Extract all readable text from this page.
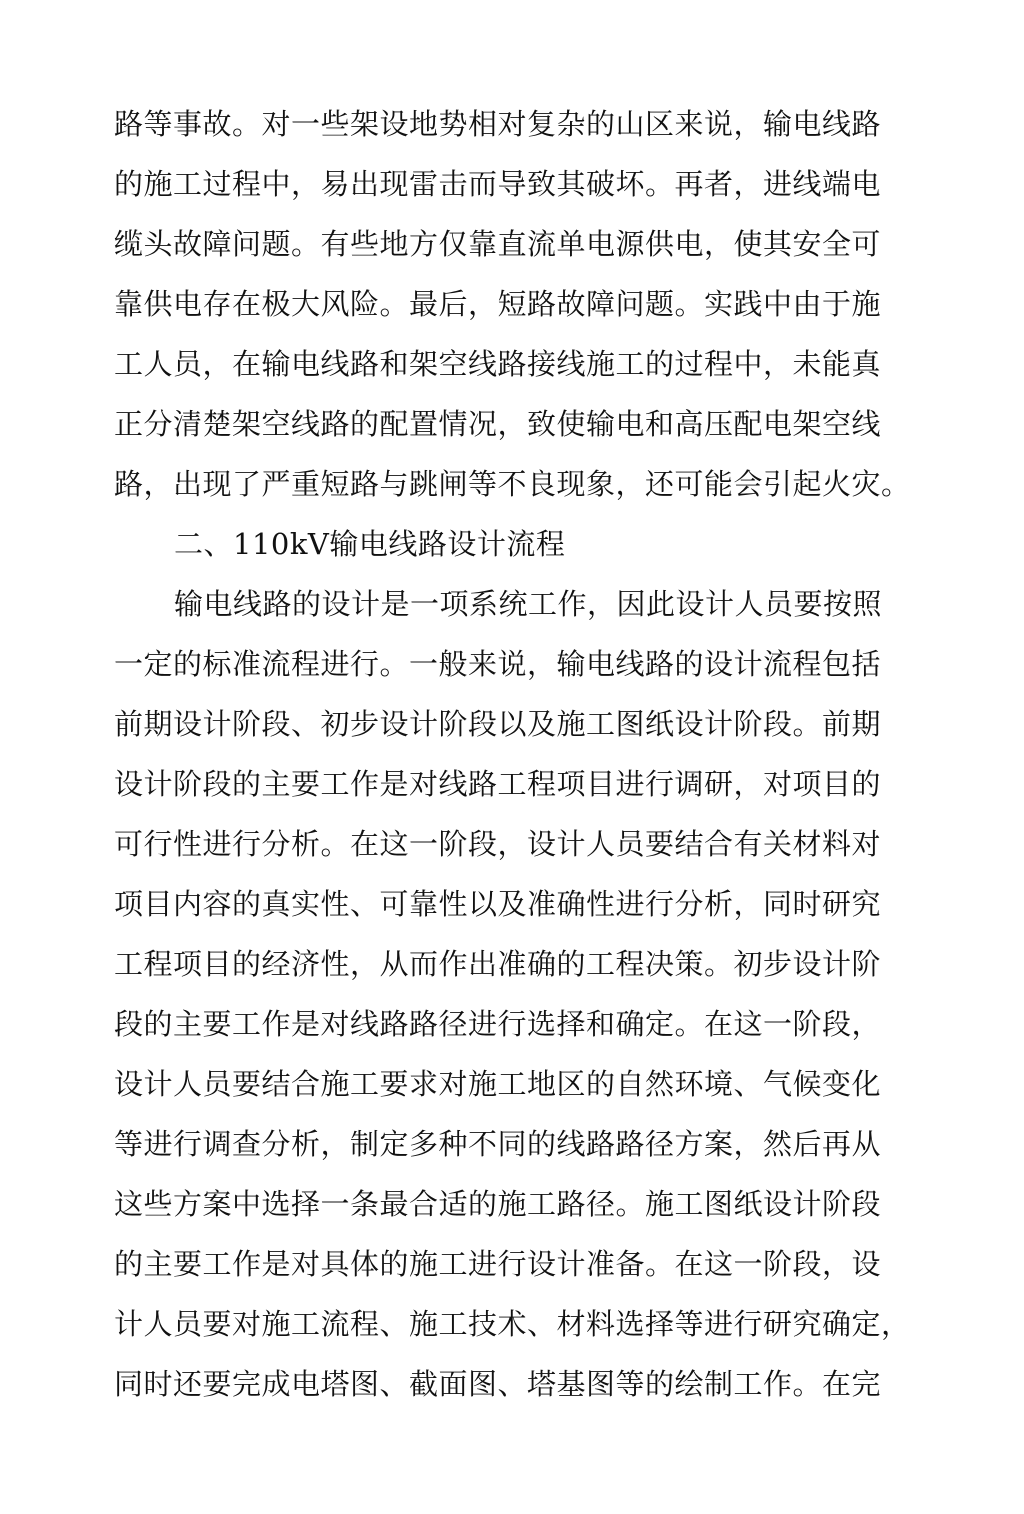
路等事故。对一些架设地势相对复杂的山区来说，输电线路
的施工过程中，易出现雷击而导致其破坏。再者，进线端电
缆头故障问题。有些地方仅靠直流单电源供电，使其安全可
靠供电存在极大风险。最后，短路故障问题。实践中由于施
工人员，在输电线路和架空线路接线施工的过程中，未能真
正分清楚架空线路的配置情况，致使输电和高压配电架空线
路，出现了严重短路与跳闸等不良现象，还可能会引起火灾。
二、110kV输电线路设计流程
输电线路的设计是一项系统工作，因此设计人员要按照
一定的标准流程进行。一般来说，输电线路的设计流程包括
前期设计阶段、初步设计阶段以及施工图纸设计阶段。前期
设计阶段的主要工作是对线路工程项目进行调研，对项目的
可行性进行分析。在这一阶段，设计人员要结合有关材料对
项目内容的真实性、可靠性以及准确性进行分析，同时研究
工程项目的经济性，从而作出准确的工程决策。初步设计阶
段的主要工作是对线路路径进行选择和确定。在这一阶段，
设计人员要结合施工要求对施工地区的自然环境、气候变化
等进行调查分析，制定多种不同的线路路径方案，然后再从
这些方案中选择一条最合适的施工路径。施工图纸设计阶段
的主要工作是对具体的施工进行设计准备。在这一阶段，设
计人员要对施工流程、施工技术、材料选择等进行研究确定，
同时还要完成电塔图、截面图、塔基图等的绘制工作。在完
